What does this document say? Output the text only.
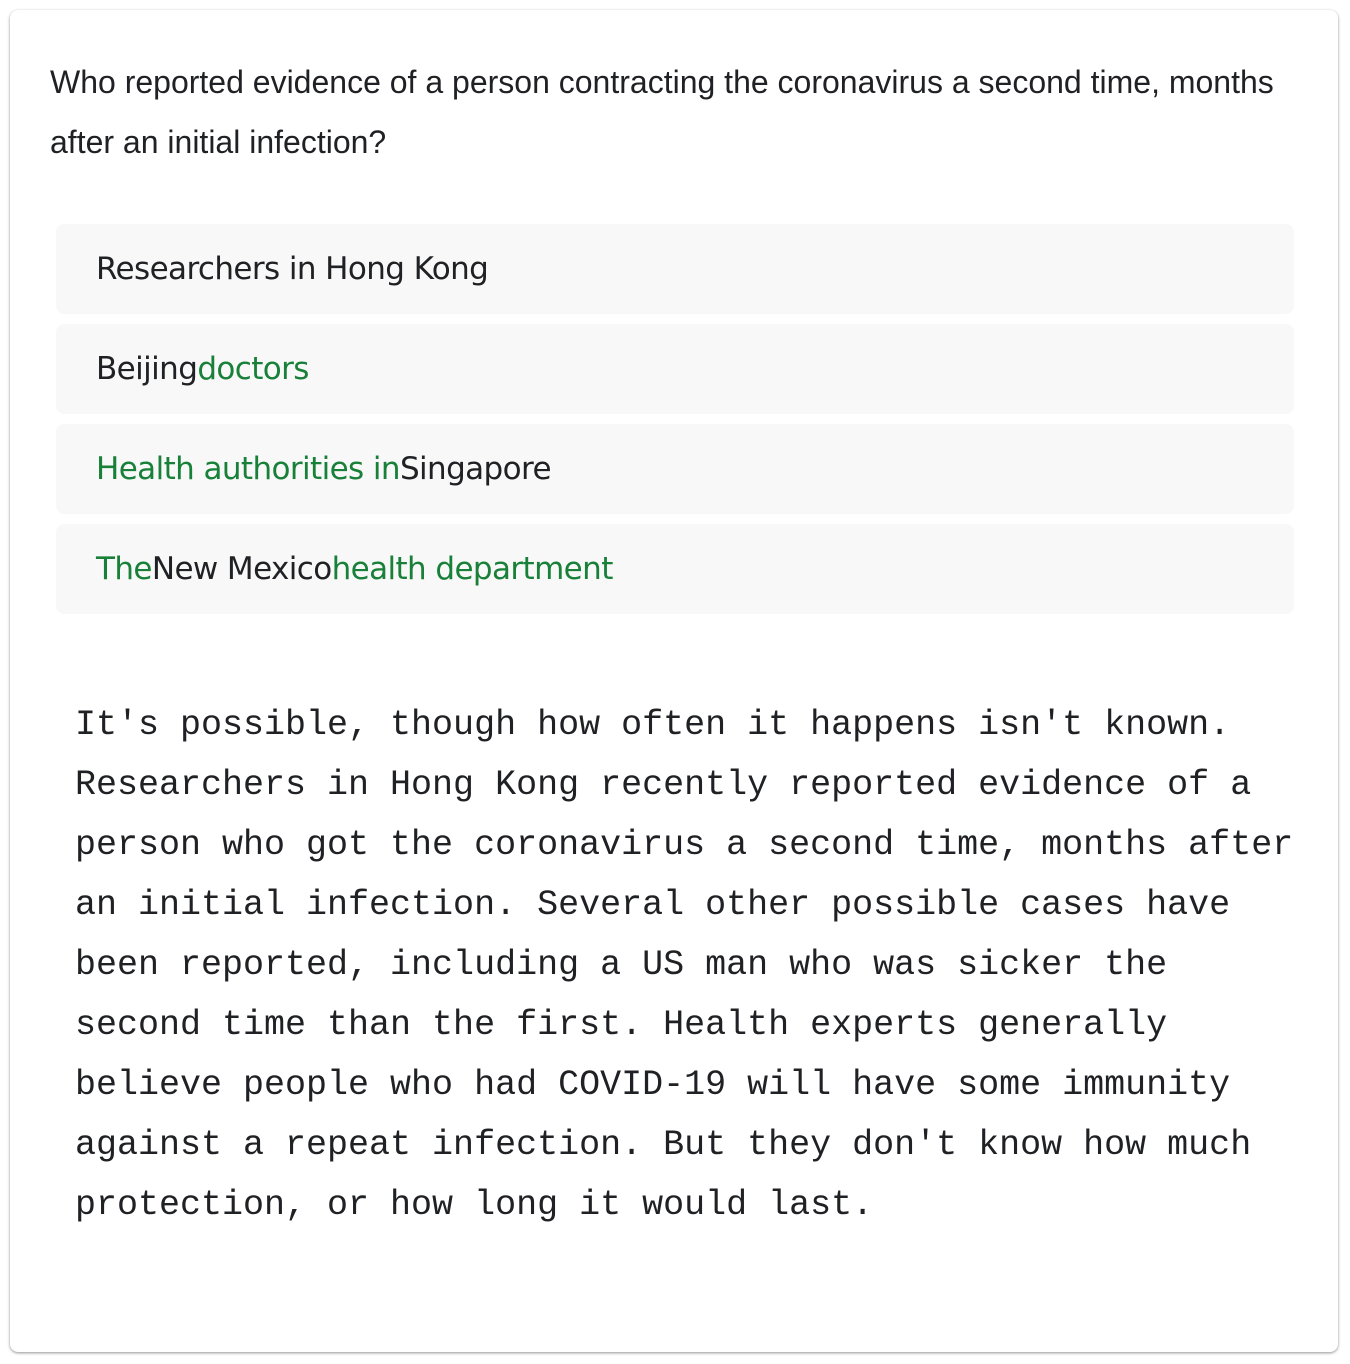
Who reported evidence of a person contracting the coronavirus a second time, months after an initial infection?
Researchers in Hong Kong
Beijing doctors
Health authorities in Singapore
The New Mexico health department
It's possible, though how often it happens isn't known. Researchers in Hong Kong recently reported evidence of a person who got the coronavirus a second time, months after an initial infection. Several other possible cases have been reported, including a US man who was sicker the second time than the first. Health experts generally believe people who had COVID-19 will have some immunity against a repeat infection. But they don't know how much protection, or how long it would last.
